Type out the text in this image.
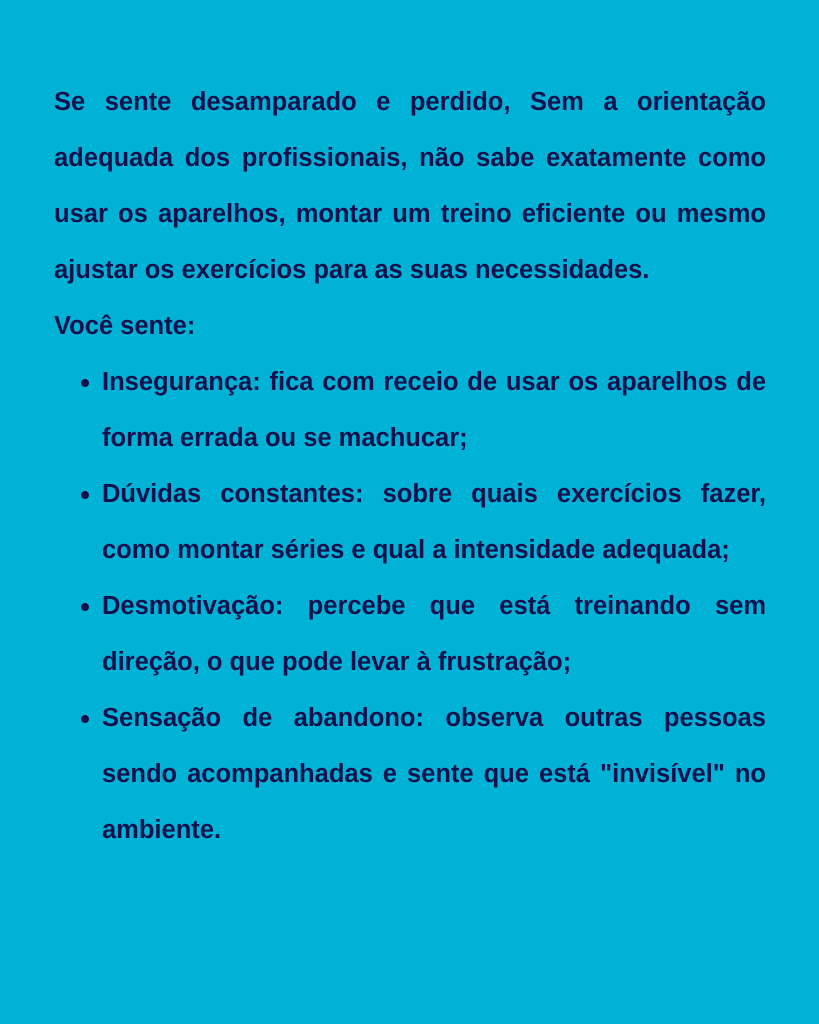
Se sente desamparado e perdido, Sem a orientação adequada dos profissionais, não sabe exatamente como usar os aparelhos, montar um treino eficiente ou mesmo ajustar os exercícios para as suas necessidades.

Você sente:

Insegurança: fica com receio de usar os aparelhos de forma errada ou se machucar;
Dúvidas constantes: sobre quais exercícios fazer, como montar séries e qual a intensidade adequada;
Desmotivação: percebe que está treinando sem direção, o que pode levar à frustração;
Sensação de abandono: observa outras pessoas sendo acompanhadas e sente que está "invisível" no ambiente.
